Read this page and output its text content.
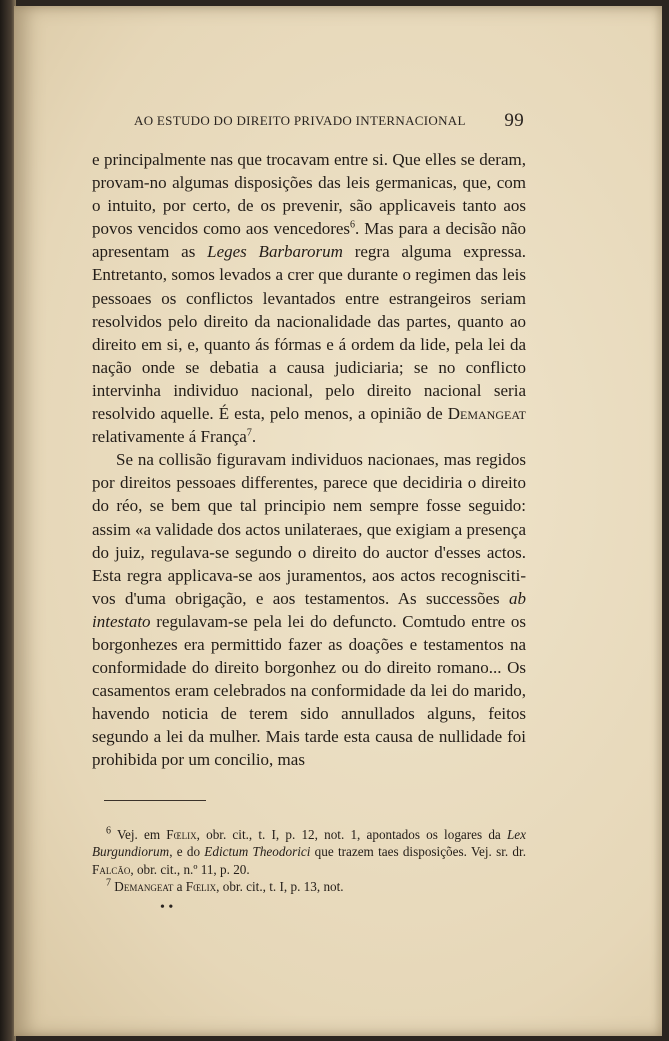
AO ESTUDO DO DIREITO PRIVADO INTERNACIONAL 99

e principalmente nas que trocavam entre si. Que elles se deram, provam-no algumas disposições das leis germanicas, que, com o intuito, por certo, de os prevenir, são applicaveis tanto aos povos vencidos como aos vencedores$^6$. Mas para a decisão não apresentam as Leges Barbarorum regra alguma expressa. Entretanto, somos levados a crer que durante o regimen das leis pessoaes os conflictos levantados entre estrangeiros seriam resolvidos pelo direito da nacionalidade das partes, quanto ao direito em si, e, quanto ás fórmas e á ordem da lide, pela lei da nação onde se debatia a causa judiciaria; se no conflicto intervinha individuo nacional, pelo direito nacional seria resolvido aquelle. É esta, pelo menos, a opinião de Demangeat relativamente á França$^7$.

Se na collisão figuravam individuos nacionaes, mas regidos por direitos pessoaes differentes, parece que decidiria o direito do réo, se bem que tal principio nem sempre fosse seguido: assim «a validade dos actos unilateraes, que exigiam a presença do juiz, regulava-se segundo o direito do auctor d'esses actos. Esta regra applicava-se aos juramentos, aos actos recogniscitivos d'uma obrigação, e aos testamentos. As successões ab intestato regulavam-se pela lei do defuncto. Comtudo entre os borgonhezes era permittido fazer as doações e testamentos na conformidade do direito borgonhez ou do direito romano... Os casamentos eram celebrados na conformidade da lei do marido, havendo noticia de terem sido annullados alguns, feitos segundo a lei da mulher. Mais tarde esta causa de nullidade foi prohibida por um concilio, mas

$^6$ Vej. em Fœlix, obr. cit., t. I, p. 12, not. 1, apontados os logares da Lex Burgundiorum, e do Edictum Theodorici que trazem taes disposições. Vej. sr. dr. Falcão, obr. cit., n.º 11, p. 20.

$^7$ Demangeat a Fœlix, obr. cit., t. I, p. 13, not.

• •
